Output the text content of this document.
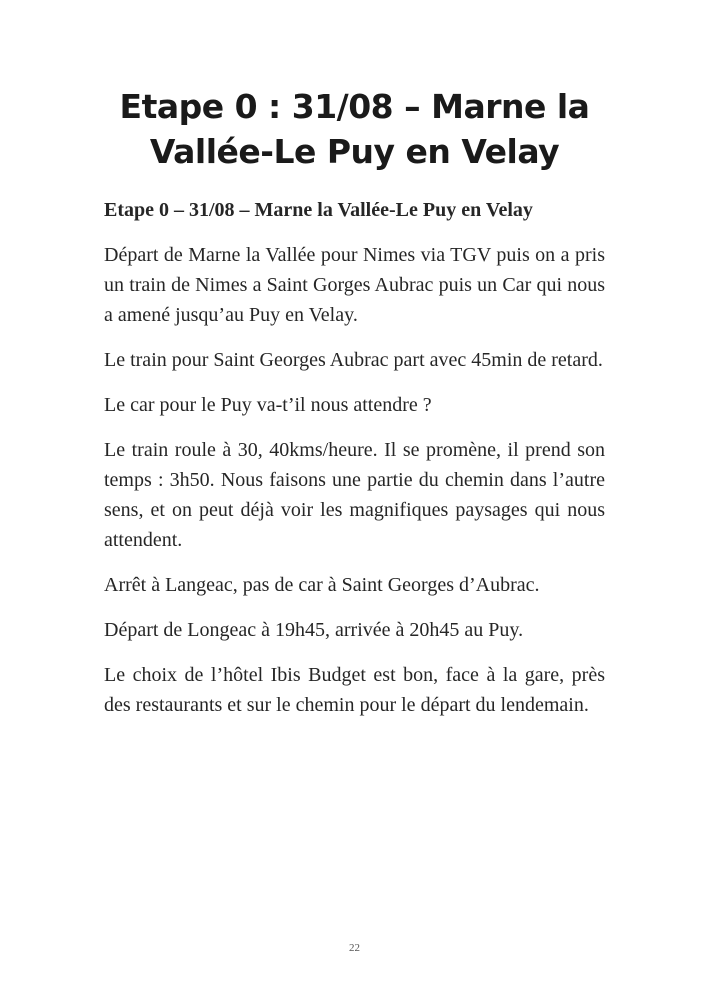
Etape 0 : 31/08 – Marne la Vallée-Le Puy en Velay

Etape 0 – 31/08 – Marne la Vallée-Le Puy en Velay

Départ de Marne la Vallée pour Nimes via TGV puis on a pris un train de Nimes a Saint Gorges Aubrac puis un Car qui nous a amené jusqu’au Puy en Velay.

Le train pour Saint Georges Aubrac part avec 45min de retard.

Le car pour le Puy va-t’il nous attendre ?

Le train roule à 30, 40kms/heure. Il se promène, il prend son temps : 3h50. Nous faisons une partie du chemin dans l’autre sens, et on peut déjà voir les magnifiques paysages qui nous attendent.

Arrêt à Langeac, pas de car à Saint Georges d’Aubrac.

Départ de Longeac à 19h45, arrivée à 20h45 au Puy.

Le choix de l’hôtel Ibis Budget est bon, face à la gare, près des restaurants et sur le chemin pour le départ du lendemain.

22
